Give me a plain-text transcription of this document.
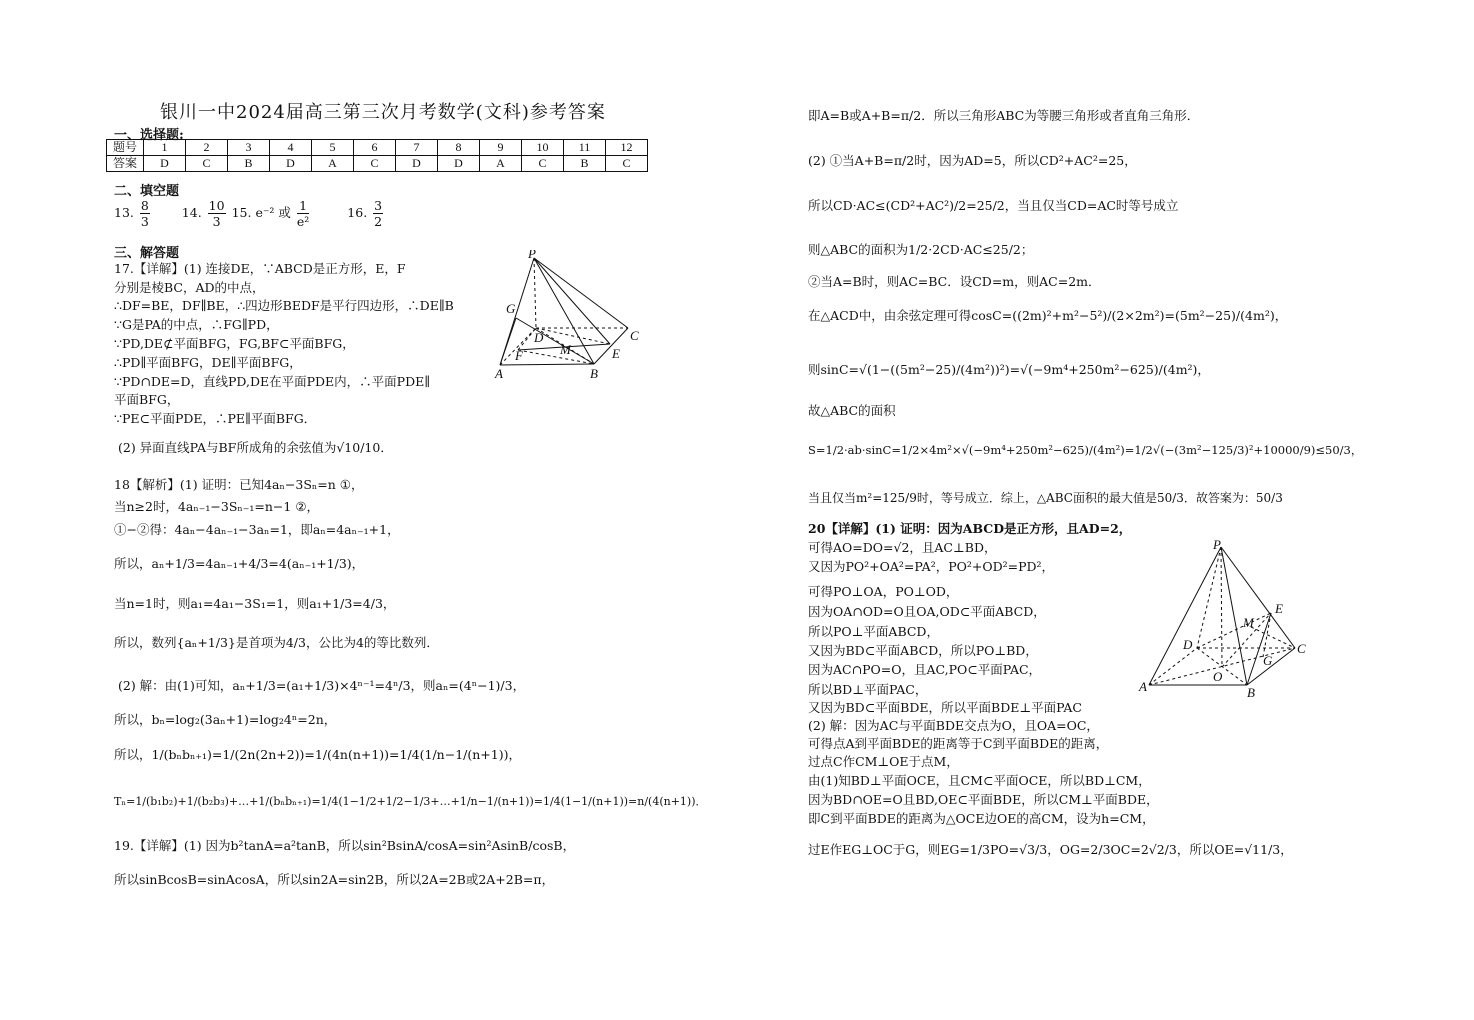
银川一中2024届高三第三次月考数学(文科)参考答案
一、选择题:
题号	1	2	3	4	5	6	7	8	9	10	11	12
答案	D	C	B	D	A	C	D	D	A	C	B	C
二、填空题
13. $\frac{8}{3}$	14. $\frac{10}{3} 15$. e⁻² 或 $\frac{1}{\text{e²}}$	16. $\frac{3}{2}$
三、解答题
17.【详解】(1) 连接DE，∵ABCD是正方形，E，F
分别是棱BC，AD的中点，
∴DF=BE，DF∥BE，∴四边形BEDF是平行四边形，∴DE∥B
∵G是PA的中点，∴FG∥PD，
∵PD,DE⊄平面BFG，FG,BF⊂平面BFG，
∴PD∥平面BFG，DE∥平面BFG，
∵PD∩DE=D，直线PD,DE在平面PDE内，∴平面PDE∥
平面BFG，
∵PE⊂平面PDE，∴PE∥平面BFG．
(2) 异面直线PA与BF所成角的余弦值为√10/10．
18【解析】(1) 证明：已知4aₙ−3Sₙ=n ①，
当n≥2时，4aₙ₋₁−3Sₙ₋₁=n−1 ②，
①−②得：4aₙ−4aₙ₋₁−3aₙ=1，即aₙ=4aₙ₋₁+1，
所以，aₙ+1/3=4aₙ₋₁+4/3=4(aₙ₋₁+1/3)，
当n=1时，则a₁=4a₁−3S₁=1，则a₁+1/3=4/3，
所以，数列{aₙ+1/3}是首项为4/3，公比为4的等比数列．
(2) 解：由(1)可知，aₙ+1/3=(a₁+1/3)×4ⁿ⁻¹=4ⁿ/3，则aₙ=(4ⁿ−1)/3，
所以，bₙ=log₂(3aₙ+1)=log₂4ⁿ=2n，
所以，1/(bₙbₙ₊₁)=1/(2n(2n+2))=1/(4n(n+1))=1/4(1/n−1/(n+1))，
Tₙ=1/(b₁b₂)+1/(b₂b₃)+…+1/(bₙbₙ₊₁)=1/4(1−1/2+1/2−1/3+…+1/n−1/(n+1))=1/4(1−1/(n+1))=n/(4(n+1))．
19.【详解】(1) 因为b²tanA=a²tanB，所以sin²BsinA/cosA=sin²AsinB/cosB，
所以sinBcosB=sinAcosA，所以sin2A=sin2B，所以2A=2B或2A+2B=π，
P
G
D	C
M
F	E
A	B
即A=B或A+B=π/2．所以三角形ABC为等腰三角形或者直角三角形．
(2) ①当A+B=π/2时，因为AD=5，所以CD²+AC²=25，
所以CD·AC≤(CD²+AC²)/2=25/2，当且仅当CD=AC时等号成立
则△ABC的面积为1/2·2CD·AC≤25/2；
②当A=B时，则AC=BC．设CD=m，则AC=2m．
在△ACD中，由余弦定理可得cosC=((2m)²+m²−5²)/(2×2m²)=(5m²−25)/(4m²)，
则sinC=√(1−((5m²−25)/(4m²))²)=√(−9m⁴+250m²−625)/(4m²)，
故△ABC的面积
S=1/2·ab·sinC=1/2×4m²×√(−9m⁴+250m²−625)/(4m²)=1/2√(−(3m²−125/3)²+10000/9)≤50/3，
当且仅当m²=125/9时，等号成立．综上，△ABC面积的最大值是50/3．故答案为：50/3
20【详解】(1) 证明：因为ABCD是正方形，且AD=2，
可得AO=DO=√2，且AC⊥BD，
又因为PO²+OA²=PA²，PO²+OD²=PD²，
可得PO⊥OA，PO⊥OD，
因为OA∩OD=O且OA,OD⊂平面ABCD，
所以PO⊥平面ABCD，
又因为BD⊂平面ABCD，所以PO⊥BD，
因为AC∩PO=O，且AC,PO⊂平面PAC，
所以BD⊥平面PAC，
又因为BD⊂平面BDE，所以平面BDE⊥平面PAC
(2) 解：因为AC与平面BDE交点为O，且OA=OC，
可得点A到平面BDE的距离等于C到平面BDE的距离，
过点C作CM⊥OE于点M，
由(1)知BD⊥平面OCE，且CM⊂平面OCE，所以BD⊥CM，
因为BD∩OE=O且BD,OE⊂平面BDE，所以CM⊥平面BDE，
即C到平面BDE的距离为△OCE边OE的高CM，设为h=CM，
过E作EG⊥OC于G，则EG=1/3PO=√3/3，OG=2/3OC=2√2/3，所以OE=√11/3，
P
E
M
D	C
G
O
A	B
